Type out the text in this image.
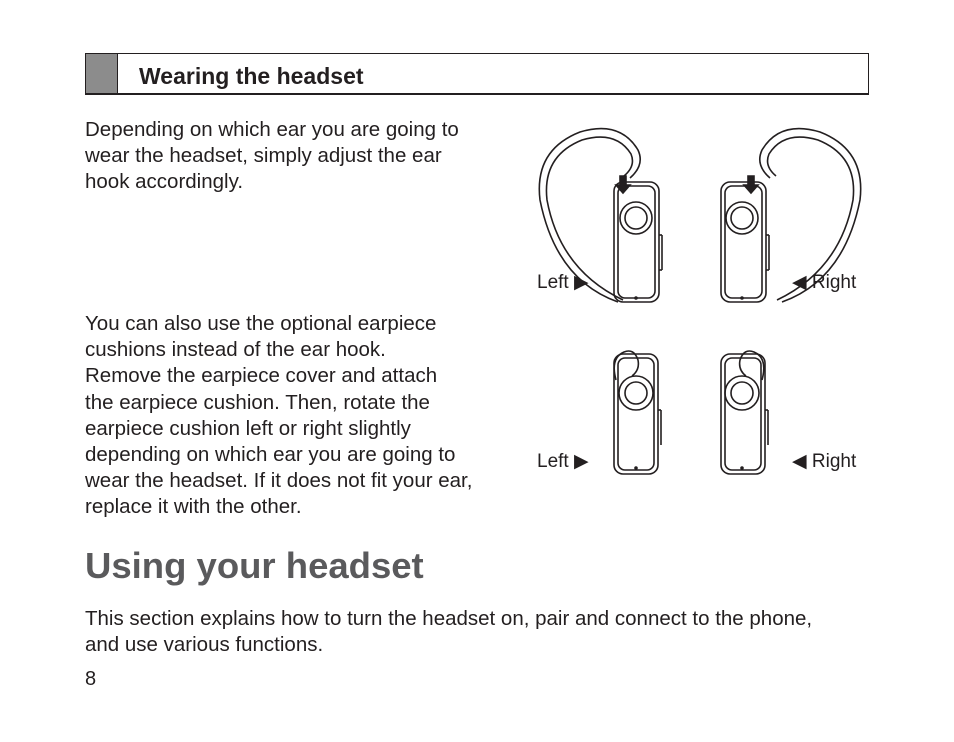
Wearing the headset

Depending on which ear you are going to
wear the headset, simply adjust the ear
hook accordingly.

Left ▶	◀ Right

You can also use the optional earpiece
cushions instead of the ear hook.
Remove the earpiece cover and attach
the earpiece cushion. Then, rotate the
earpiece cushion left or right slightly
depending on which ear you are going to
wear the headset. If it does not fit your ear,
replace it with the other.

Left ▶	◀ Right
Using your headset

This section explains how to turn the headset on, pair and connect to the phone,
and use various functions.

8
